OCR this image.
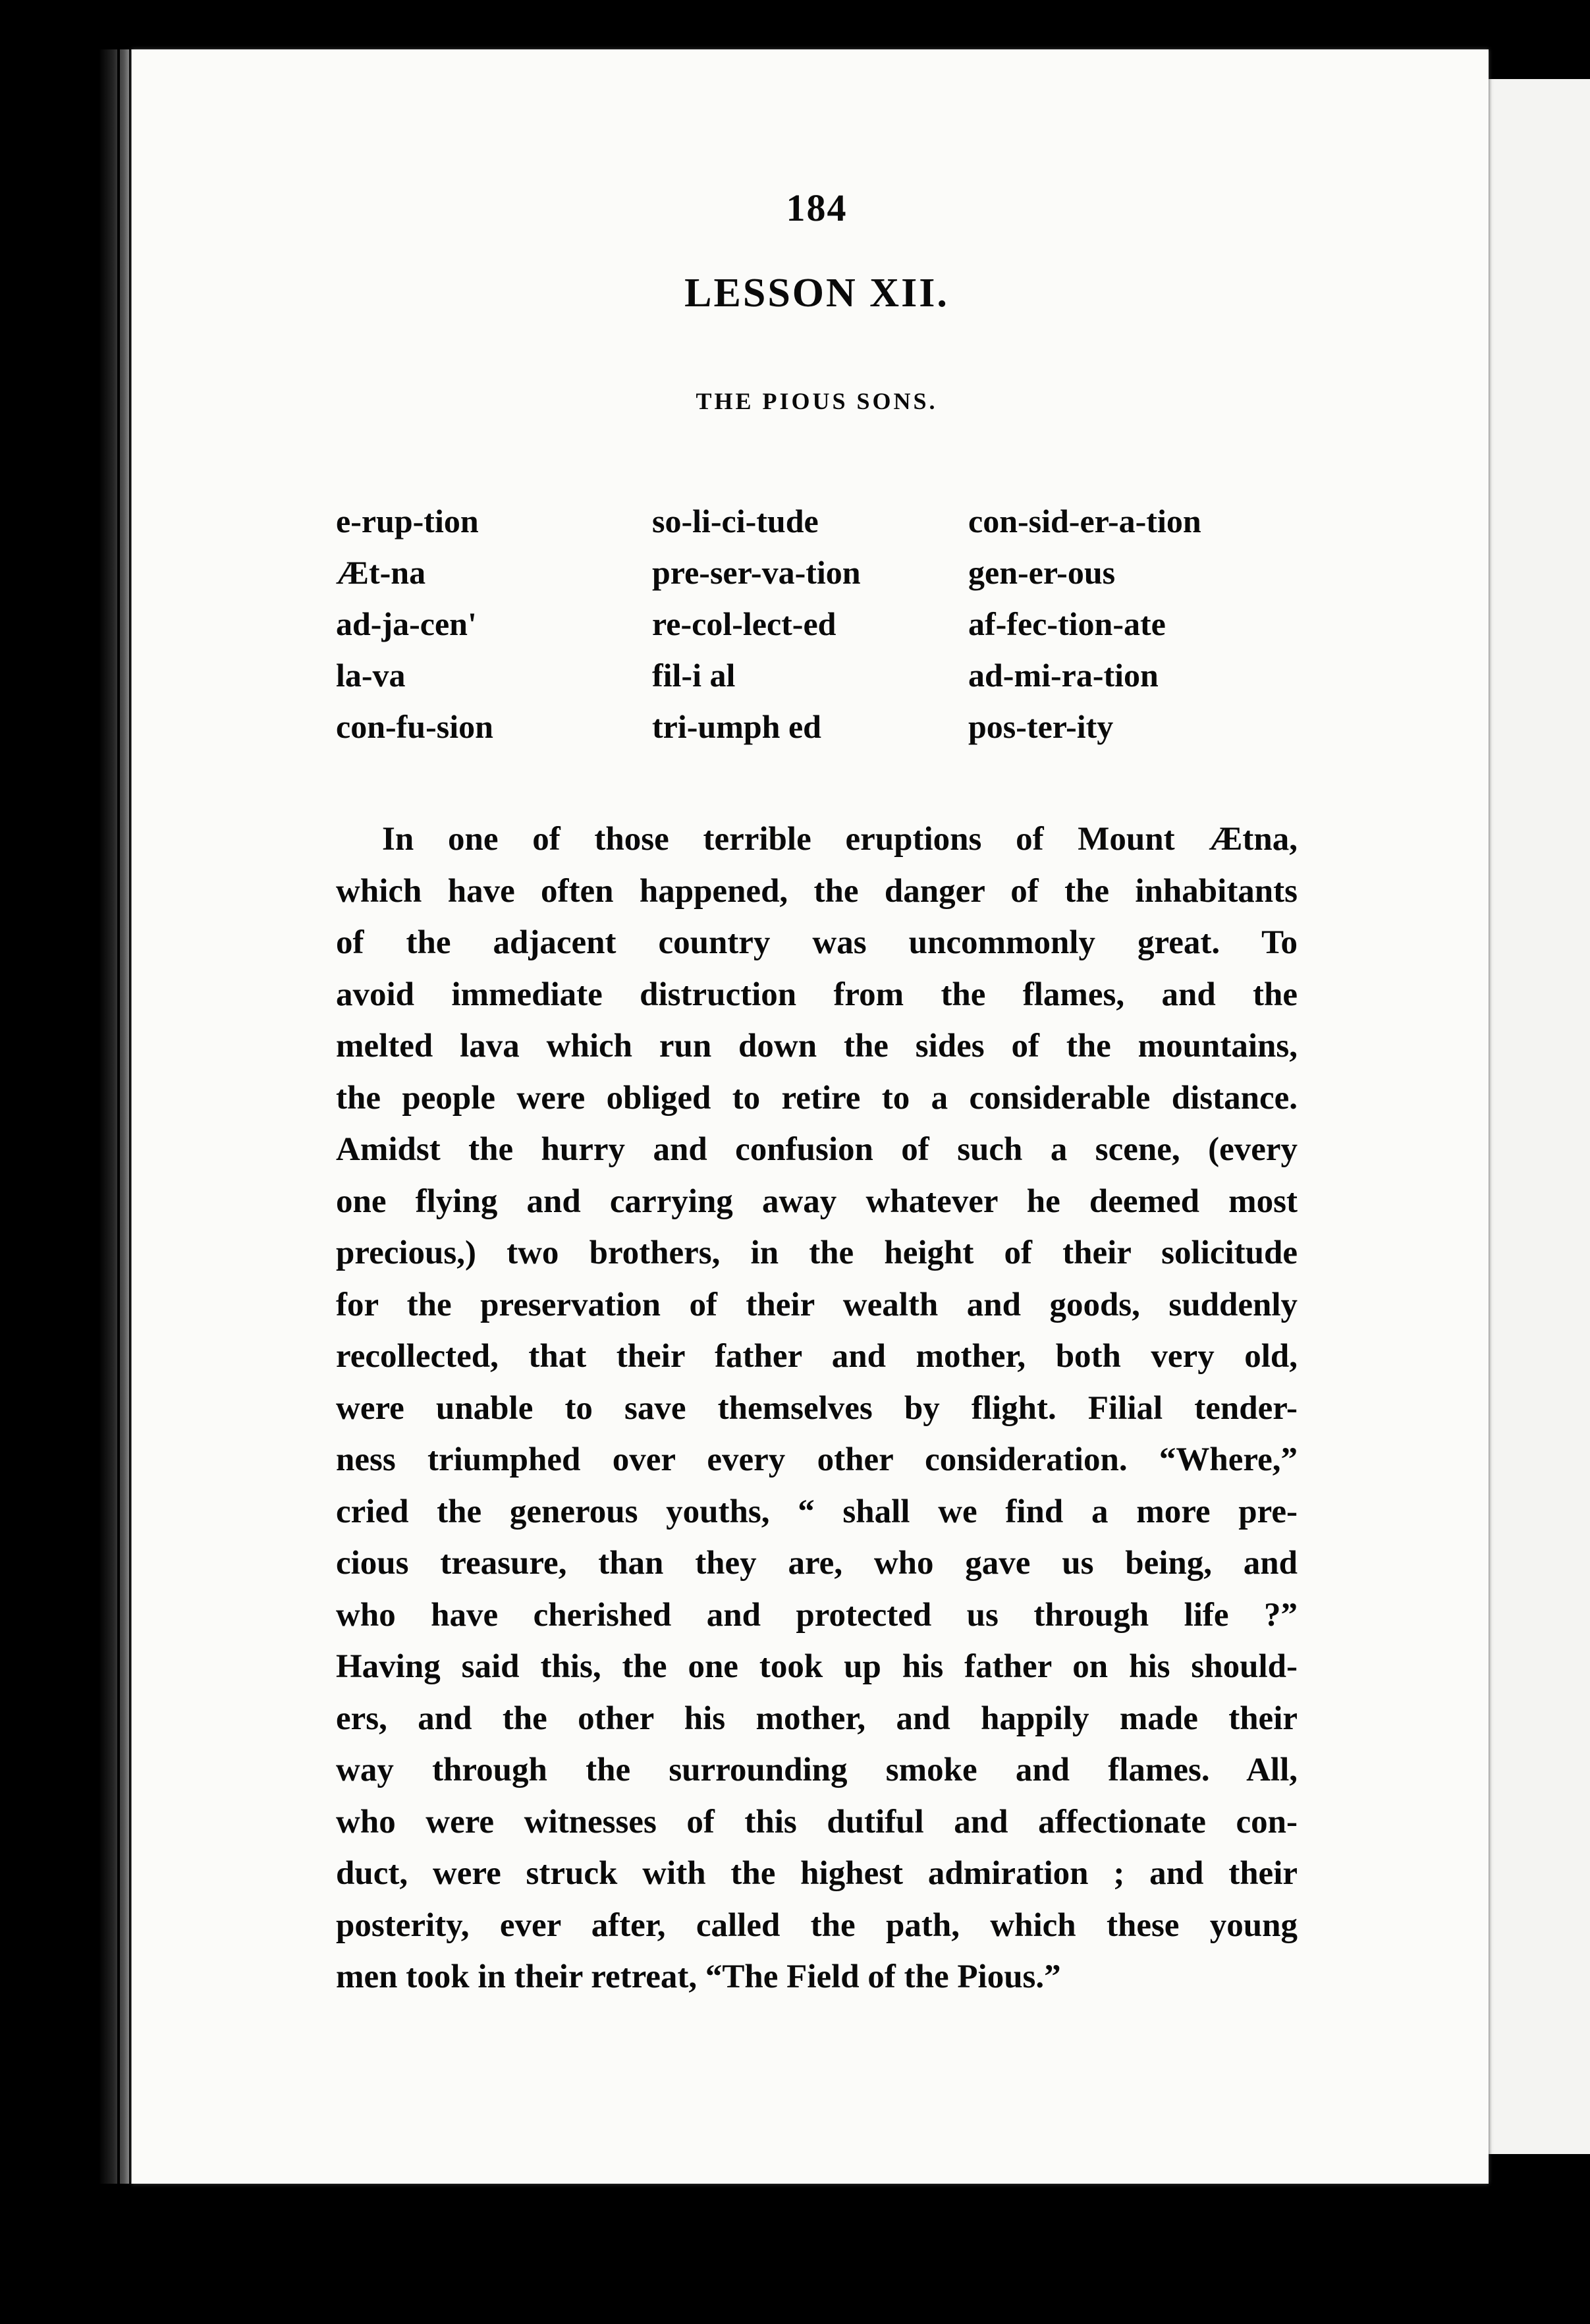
184
LESSON XII.
THE PIOUS SONS.
e-rup-tion
Æt-na
ad-ja-cen'
la-va
con-fu-sion
so-li-ci-tude
pre-ser-va-tion
re-col-lect-ed
fil-i al
tri-umph ed
con-sid-er-a-tion
gen-er-ous
af-fec-tion-ate
ad-mi-ra-tion
pos-ter-ity
In one of those terrible eruptions of Mount Ætna,
which have often happened, the danger of the inhabitants
of the adjacent country was uncommonly great. To
avoid immediate distruction from the flames, and the
melted lava which run down the sides of the mountains,
the people were obliged to retire to a considerable distance.
Amidst the hurry and confusion of such a scene, (every
one flying and carrying away whatever he deemed most
precious,) two brothers, in the height of their solicitude
for the preservation of their wealth and goods, suddenly
recollected, that their father and mother, both very old,
were unable to save themselves by flight. Filial tender-
ness triumphed over every other consideration. “Where,”
cried the generous youths, “ shall we find a more pre-
cious treasure, than they are, who gave us being, and
who have cherished and protected us through life ?”
Having said this, the one took up his father on his should-
ers, and the other his mother, and happily made their
way through the surrounding smoke and flames. All,
who were witnesses of this dutiful and affectionate con-
duct, were struck with the highest admiration ; and their
posterity, ever after, called the path, which these young
men took in their retreat, “The Field of the Pious.”
